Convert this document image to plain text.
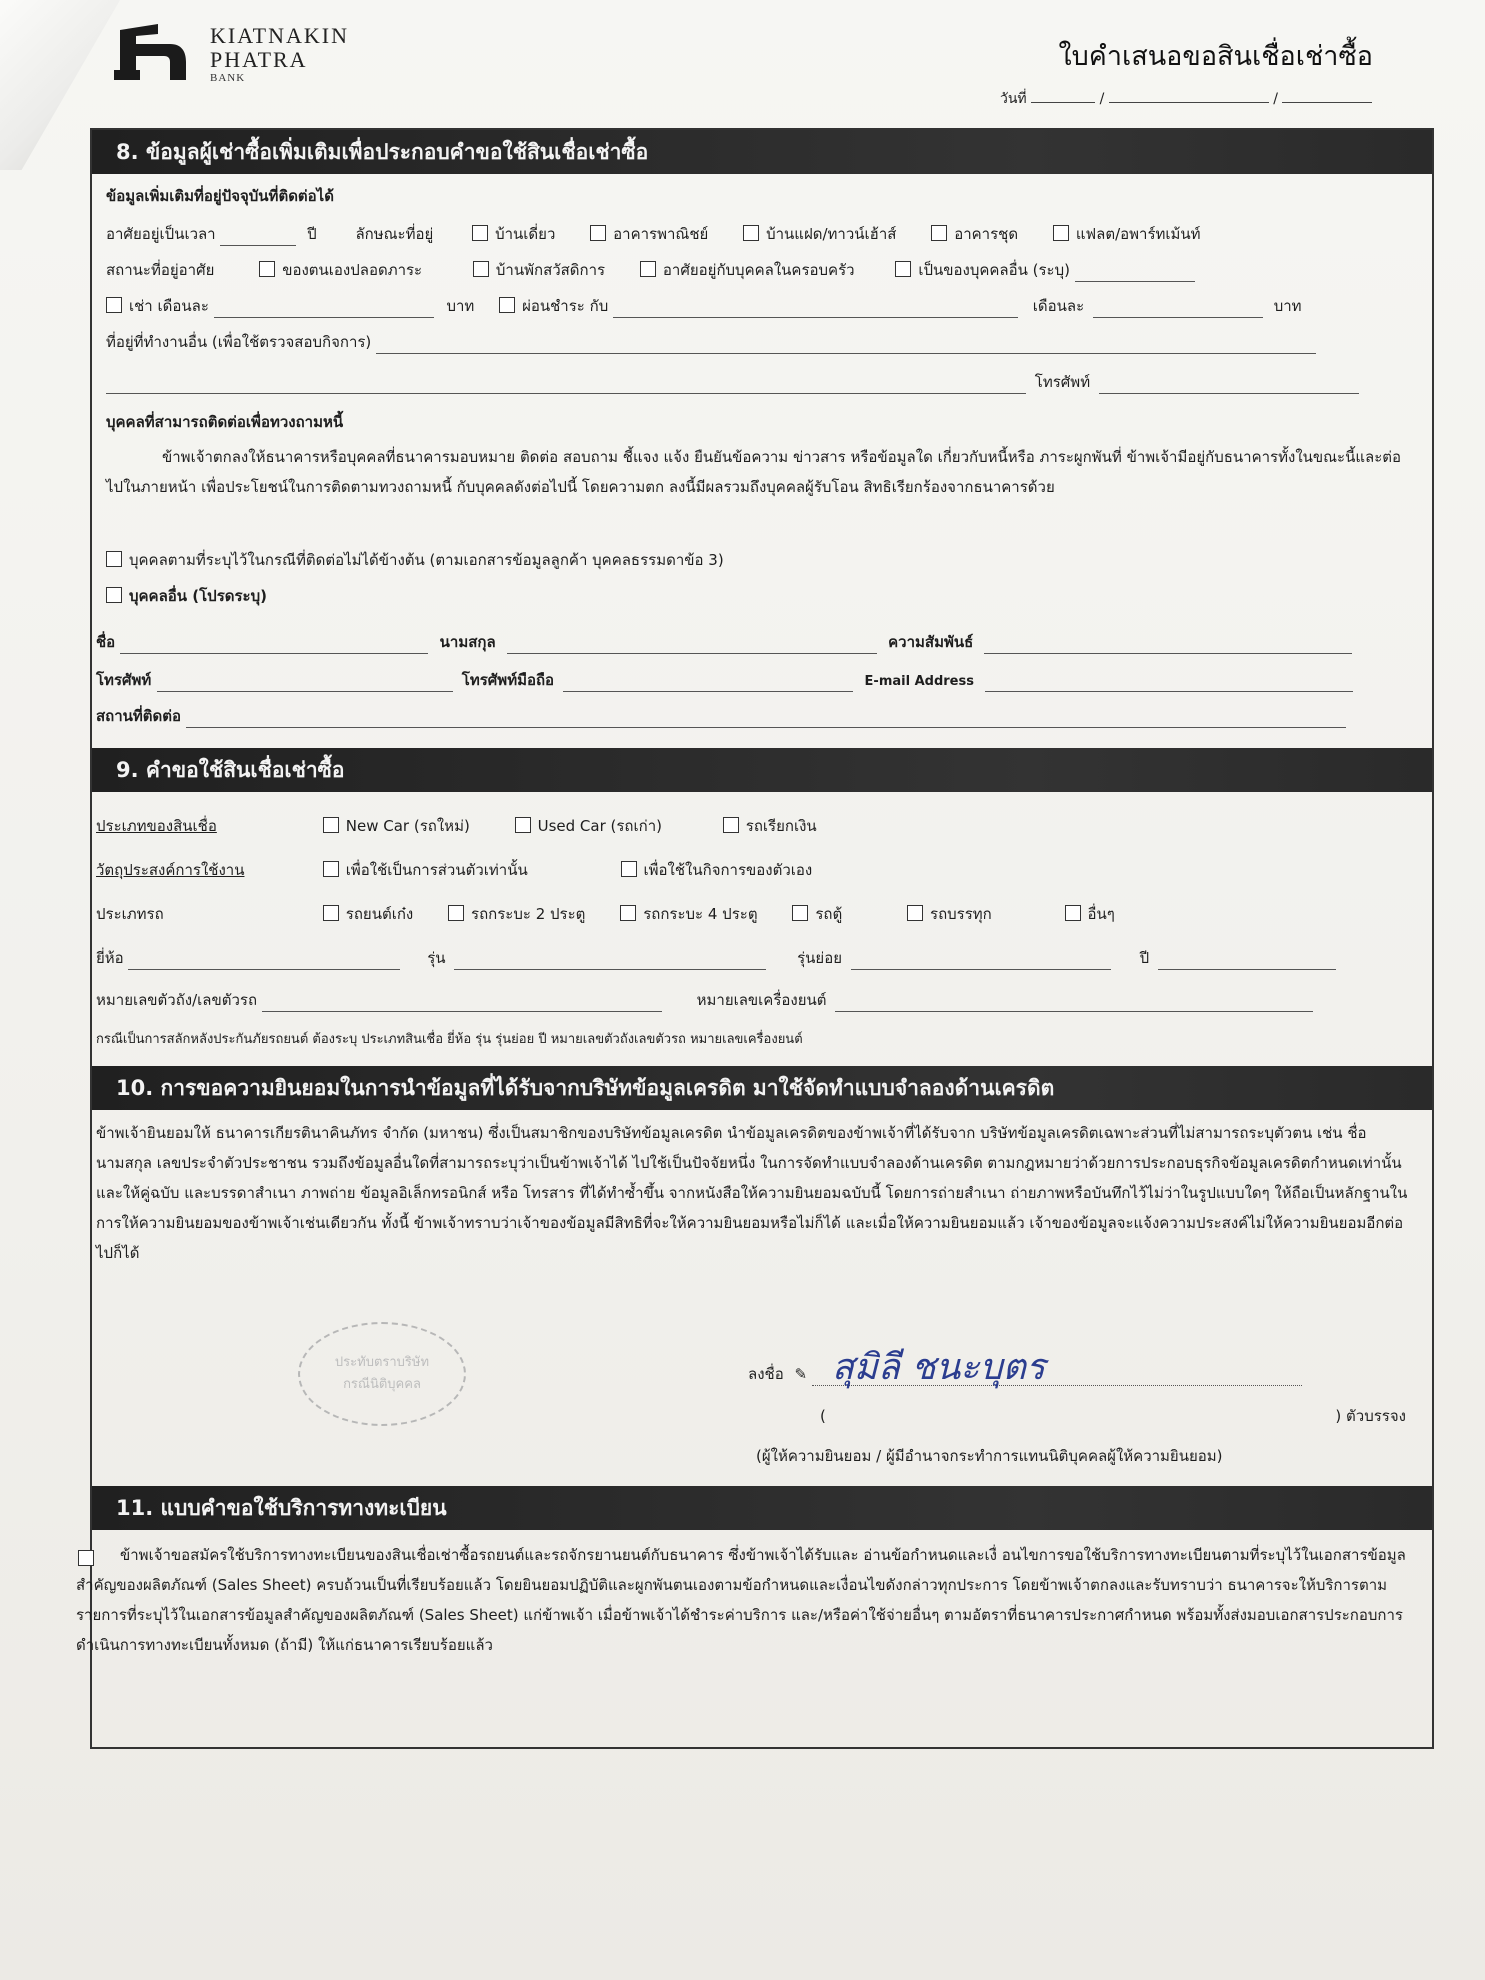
KIATNAKIN
PHATRA
BANK
ใบคำเสนอขอสินเชื่อเช่าซื้อ
วันที่	/	/
8. ข้อมูลผู้เช่าซื้อเพิ่มเติมเพื่อประกอบคำขอใช้สินเชื่อเช่าซื้อ
ข้อมูลเพิ่มเติมที่อยู่ปัจจุบันที่ติดต่อได้
อาศัยอยู่เป็นเวลา	ปี	ลักษณะที่อยู่	บ้านเดี่ยว	อาคารพาณิชย์	บ้านแฝด/ทาวน์เฮ้าส์	อาคารชุด	แฟลต/อพาร์ทเม้นท์
สถานะที่อยู่อาศัย	ของตนเองปลอดภาระ	บ้านพักสวัสดิการ	อาศัยอยู่กับบุคคลในครอบครัว	เป็นของบุคคลอื่น (ระบุ)
เช่า เดือนละ	บาท	ผ่อนชำระ กับ	เดือนละ	บาท
ที่อยู่ที่ทำงานอื่น (เพื่อใช้ตรวจสอบกิจการ)
โทรศัพท์
บุคคลที่สามารถติดต่อเพื่อทวงถามหนี้
ข้าพเจ้าตกลงให้ธนาคารหรือบุคคลที่ธนาคารมอบหมาย ติดต่อ สอบถาม ชี้แจง แจ้ง ยืนยันข้อความ ข่าวสาร หรือข้อมูลใด เกี่ยวกับหนี้หรือ ภาระผูกพันที่ ข้าพเจ้ามีอยู่กับธนาคารทั้งในขณะนี้และต่อไปในภายหน้า เพื่อประโยชน์ในการติดตามทวงถามหนี้ กับบุคคลดังต่อไปนี้ โดยความตก ลงนี้มีผลรวมถึงบุคคลผู้รับโอน สิทธิเรียกร้องจากธนาคารด้วย
บุคคลตามที่ระบุไว้ในกรณีที่ติดต่อไม่ได้ข้างต้น (ตามเอกสารข้อมูลลูกค้า บุคคลธรรมดาข้อ 3)
บุคคลอื่น (โปรดระบุ)
ชื่อ	นามสกุล	ความสัมพันธ์
โทรศัพท์	โทรศัพท์มือถือ	E-mail Address
สถานที่ติดต่อ
9. คำขอใช้สินเชื่อเช่าซื้อ
ประเภทของสินเชื่อ	New Car (รถใหม่)	Used Car (รถเก่า)	รถเรียกเงิน
วัตถุประสงค์การใช้งาน	เพื่อใช้เป็นการส่วนตัวเท่านั้น	เพื่อใช้ในกิจการของตัวเอง
ประเภทรถ	รถยนต์เก๋ง	รถกระบะ 2 ประตู	รถกระบะ 4 ประตู	รถตู้	รถบรรทุก	อื่นๆ
ยี่ห้อ	รุ่น	รุ่นย่อย	ปี
หมายเลขตัวถัง/เลขตัวรถ	หมายเลขเครื่องยนต์
กรณีเป็นการสลักหลังประกันภัยรถยนต์ ต้องระบุ ประเภทสินเชื่อ ยี่ห้อ รุ่น รุ่นย่อย ปี หมายเลขตัวถังเลขตัวรถ หมายเลขเครื่องยนต์
10. การขอความยินยอมในการนำข้อมูลที่ได้รับจากบริษัทข้อมูลเครดิต มาใช้จัดทำแบบจำลองด้านเครดิต
ข้าพเจ้ายินยอมให้ ธนาคารเกียรตินาคินภัทร จำกัด (มหาชน) ซึ่งเป็นสมาชิกของบริษัทข้อมูลเครดิต นำข้อมูลเครดิตของข้าพเจ้าที่ได้รับจาก บริษัทข้อมูลเครดิตเฉพาะส่วนที่ไม่สามารถระบุตัวตน เช่น ชื่อ นามสกุล เลขประจำตัวประชาชน รวมถึงข้อมูลอื่นใดที่สามารถระบุว่าเป็นข้าพเจ้าได้ ไปใช้เป็นปัจจัยหนึ่ง ในการจัดทำแบบจำลองด้านเครดิต ตามกฎหมายว่าด้วยการประกอบธุรกิจข้อมูลเครดิตกำหนดเท่านั้น และให้คู่ฉบับ และบรรดาสำเนา ภาพถ่าย ข้อมูลอิเล็กทรอนิกส์ หรือ โทรสาร ที่ได้ทำซ้ำขึ้น จากหนังสือให้ความยินยอมฉบับนี้ โดยการถ่ายสำเนา ถ่ายภาพหรือบันทึกไว้ไม่ว่าในรูปแบบใดๆ ให้ถือเป็นหลักฐานในการให้ความยินยอมของข้าพเจ้าเช่นเดียวกัน ทั้งนี้ ข้าพเจ้าทราบว่าเจ้าของข้อมูลมีสิทธิที่จะให้ความยินยอมหรือไม่ก็ได้ และเมื่อให้ความยินยอมแล้ว เจ้าของข้อมูลจะแจ้งความประสงค์ไม่ให้ความยินยอมอีกต่อไปก็ได้
ประทับตราบริษัท
กรณีนิติบุคคล
ลงชื่อ ✎ สุมิลี ชนะบุตร
(	) ตัวบรรจง
(ผู้ให้ความยินยอม / ผู้มีอำนาจกระทำการแทนนิติบุคคลผู้ให้ความยินยอม)
11. แบบคำขอใช้บริการทางทะเบียน
ข้าพเจ้าขอสมัครใช้บริการทางทะเบียนของสินเชื่อเช่าซื้อรถยนต์และรถจักรยานยนต์กับธนาคาร ซึ่งข้าพเจ้าได้รับและ อ่านข้อกำหนดและเงื่ อนไขการขอใช้บริการทางทะเบียนตามที่ระบุไว้ในเอกสารข้อมูลสำคัญของผลิตภัณฑ์ (Sales Sheet) ครบถ้วนเป็นที่เรียบร้อยแล้ว โดยยินยอมปฏิบัติและผูกพันตนเองตามข้อกำหนดและเงื่อนไขดังกล่าวทุกประการ โดยข้าพเจ้าตกลงและรับทราบว่า ธนาคารจะให้บริการตามรายการที่ระบุไว้ในเอกสารข้อมูลสำคัญของผลิตภัณฑ์ (Sales Sheet) แก่ข้าพเจ้า เมื่อข้าพเจ้าได้ชำระค่าบริการ และ/หรือค่าใช้จ่ายอื่นๆ ตามอัตราที่ธนาคารประกาศกำหนด พร้อมทั้งส่งมอบเอกสารประกอบการดำเนินการทางทะเบียนทั้งหมด (ถ้ามี) ให้แก่ธนาคารเรียบร้อยแล้ว
